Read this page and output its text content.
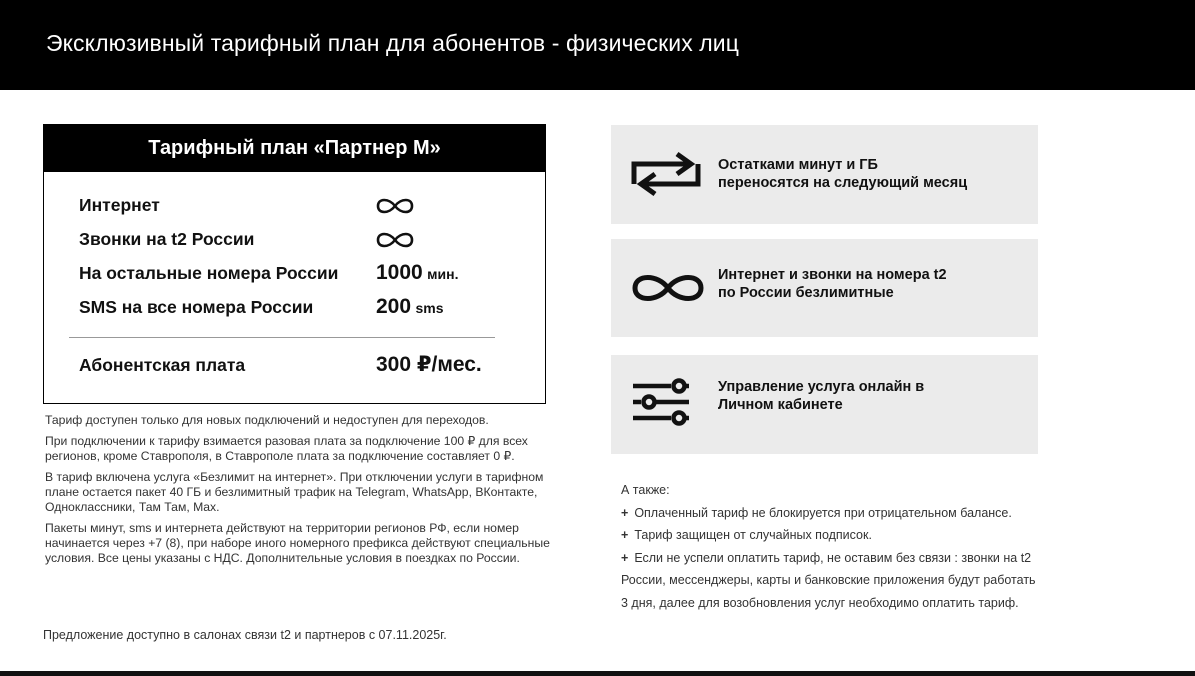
Эксклюзивный тарифный план для абонентов - физических лиц
Тарифный план «Партнер М»
Интернет
Звонки на t2 России
На остальные номера России 1000 мин.
SMS на все номера России	200 sms
Абонентская плата	300 ₽/мес.

Тариф доступен только для новых подключений и недоступен для переходов.

При подключении к тарифу взимается разовая плата за подключение 100 ₽ для всех регионов, кроме Ставрополя, в Ставрополе плата за подключение составляет 0 ₽.

В тариф включена услуга «Безлимит на интернет». При отключении услуги в тарифном плане остается пакет 40 ГБ и безлимитный трафик на Telegram, WhatsApp, ВКонтакте, Одноклассники, Там Там, Max.

Пакеты минут, sms и интернета действуют на территории регионов РФ, если номер начинается через +7 (8), при наборе иного номерного префикса действуют специальные условия. Все цены указаны с НДС. Дополнительные условия в поездках по России.

Предложение доступно в салонах связи t2 и партнеров с 07.11.2025г.
Остатками минут и ГБ
переносятся на следующий месяц
Интернет и звонки на номера t2
по России безлимитные
Управление услуга онлайн в
Личном кабинете
А также:
+ Оплаченный тариф не блокируется при отрицательном балансе.
+ Тариф защищен от случайных подписок.
+ Если не успели оплатить тариф, не оставим без связи : звонки на t2
России, мессенджеры, карты и банковские приложения будут работать
3 дня, далее для возобновления услуг необходимо оплатить тариф.
